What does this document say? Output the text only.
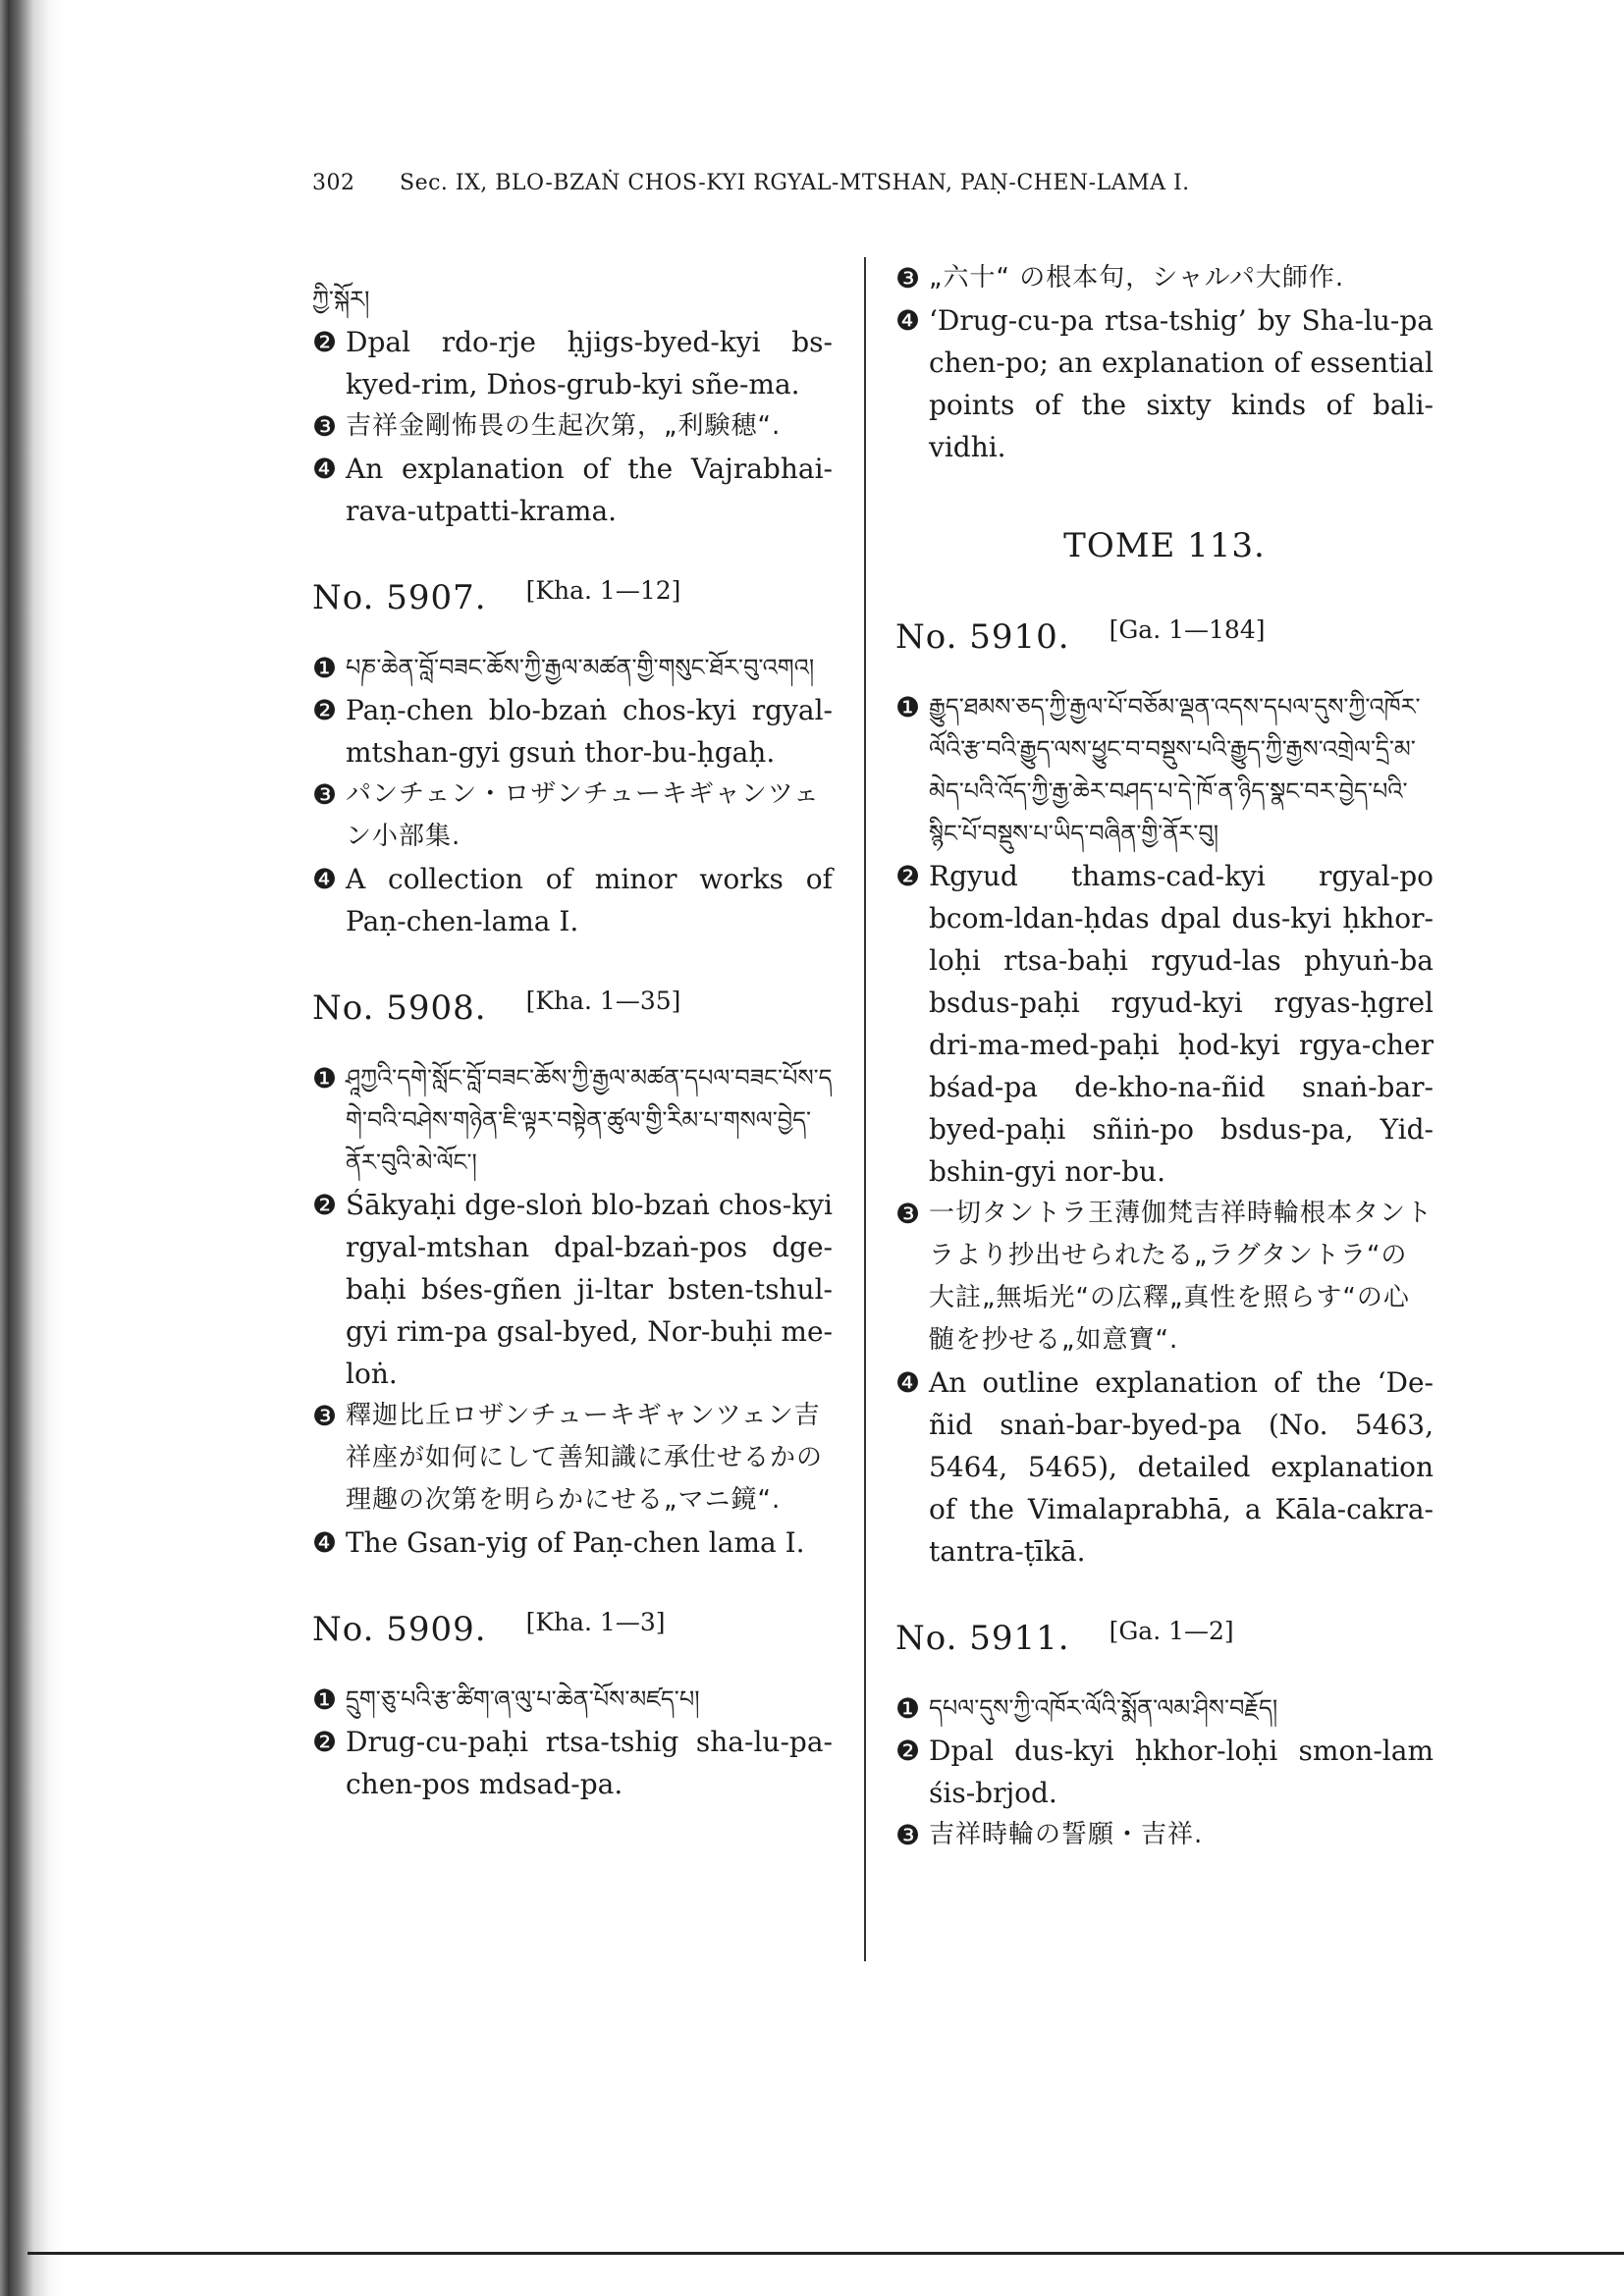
302 Sec. IX, BLO-BZAṄ CHOS-KYI RGYAL-MTSHAN, PAṆ-CHEN-LAMA I.
ཀྱི་སྐོར།
❷ Dpal rdo-rje ḥjigs-byed-kyi bs-kyed-rim, Dṅos-grub-kyi sñe-ma.
❸ 吉祥金剛怖畏の生起次第，„利験穂“.
❹ An explanation of the Vajrabhai-rava-utpatti-krama.
No. 5907. [Kha. 1—12]
❶ པཎ་ཆེན་བློ་བཟང་ཆོས་ཀྱི་རྒྱལ་མཚན་གྱི་གསུང་ཐོར་བུ་འགའ།
❷ Paṇ-chen blo-bzaṅ chos-kyi rgyal-mtshan-gyi gsuṅ thor-bu-ḥgaḥ.
❸ パンチェン・ロザンチューキギャンツェン小部集.
❹ A collection of minor works of Paṇ-chen-lama I.
No. 5908. [Kha. 1—35]
❶ ཤཱཀྱའི་དགེ་སློང་བློ་བཟང་ཆོས་ཀྱི་རྒྱལ་མཚན་དཔལ་བཟང་པོས་དགེ་བའི་བཤེས་གཉེན་ཇི་ལྟར་བསྟེན་ཚུལ་གྱི་རིམ་པ་གསལ་བྱེད་ནོར་བུའི་མེ་ལོང་།
❷ Śākyaḥi dge-sloṅ blo-bzaṅ chos-kyi rgyal-mtshan dpal-bzaṅ-pos dge-baḥi bśes-gñen ji-ltar bsten-tshul-gyi rim-pa gsal-byed, Nor-buḥi me-loṅ.
❸ 釋迦比丘ロザンチューキギャンツェン吉祥座が如何にして善知識に承仕せるかの理趣の次第を明らかにせる„マニ鏡“.
❹ The Gsan-yig of Paṇ-chen lama I.
No. 5909. [Kha. 1—3]
❶ དྲུག་ཅུ་པའི་རྩ་ཚིག་ཞ་ལུ་པ་ཆེན་པོས་མཛད་པ།
❷ Drug-cu-paḥi rtsa-tshig sha-lu-pa-chen-pos mdsad-pa.
❸ „六十“ の根本句，シャルパ大師作.
❹ ‘Drug-cu-pa rtsa-tshig’ by Sha-lu-pa chen-po; an explanation of essential points of the sixty kinds of bali-vidhi.
TOME 113.
No. 5910. [Ga. 1—184]
❶ རྒྱུད་ཐམས་ཅད་ཀྱི་རྒྱལ་པོ་བཅོམ་ལྡན་འདས་དཔལ་དུས་ཀྱི་འཁོར་ལོའི་རྩ་བའི་རྒྱུད་ལས་ཕྱུང་བ་བསྡུས་པའི་རྒྱུད་ཀྱི་རྒྱས་འགྲེལ་དྲི་མ་མེད་པའི་འོད་ཀྱི་རྒྱ་ཆེར་བཤད་པ་དེ་ཁོ་ན་ཉིད་སྣང་བར་བྱེད་པའི་སྙིང་པོ་བསྡུས་པ་ཡིད་བཞིན་གྱི་ནོར་བུ།
❷ Rgyud thams-cad-kyi rgyal-po bcom-ldan-ḥdas dpal dus-kyi ḥkhor-loḥi rtsa-baḥi rgyud-las phyuṅ-ba bsdus-paḥi rgyud-kyi rgyas-ḥgrel dri-ma-med-paḥi ḥod-kyi rgya-cher bśad-pa de-kho-na-ñid snaṅ-bar-byed-paḥi sñiṅ-po bsdus-pa, Yid-bshin-gyi nor-bu.
❸ 一切タントラ王薄伽梵吉祥時輪根本タントラより抄出せられたる„ラグタントラ“の大註„無垢光“の広釋„真性を照らす“の心髄を抄せる„如意寶“.
❹ An outline explanation of the ‘De-ñid snaṅ-bar-byed-pa (No. 5463, 5464, 5465), detailed explanation of the Vimalaprabhā, a Kāla-cakra-tantra-ṭīkā.
No. 5911. [Ga. 1—2]
❶ དཔལ་དུས་ཀྱི་འཁོར་ལོའི་སྨོན་ལམ་ཤིས་བརྗོད།
❷ Dpal dus-kyi ḥkhor-loḥi smon-lam śis-brjod.
❸ 吉祥時輪の誓願・吉祥.
